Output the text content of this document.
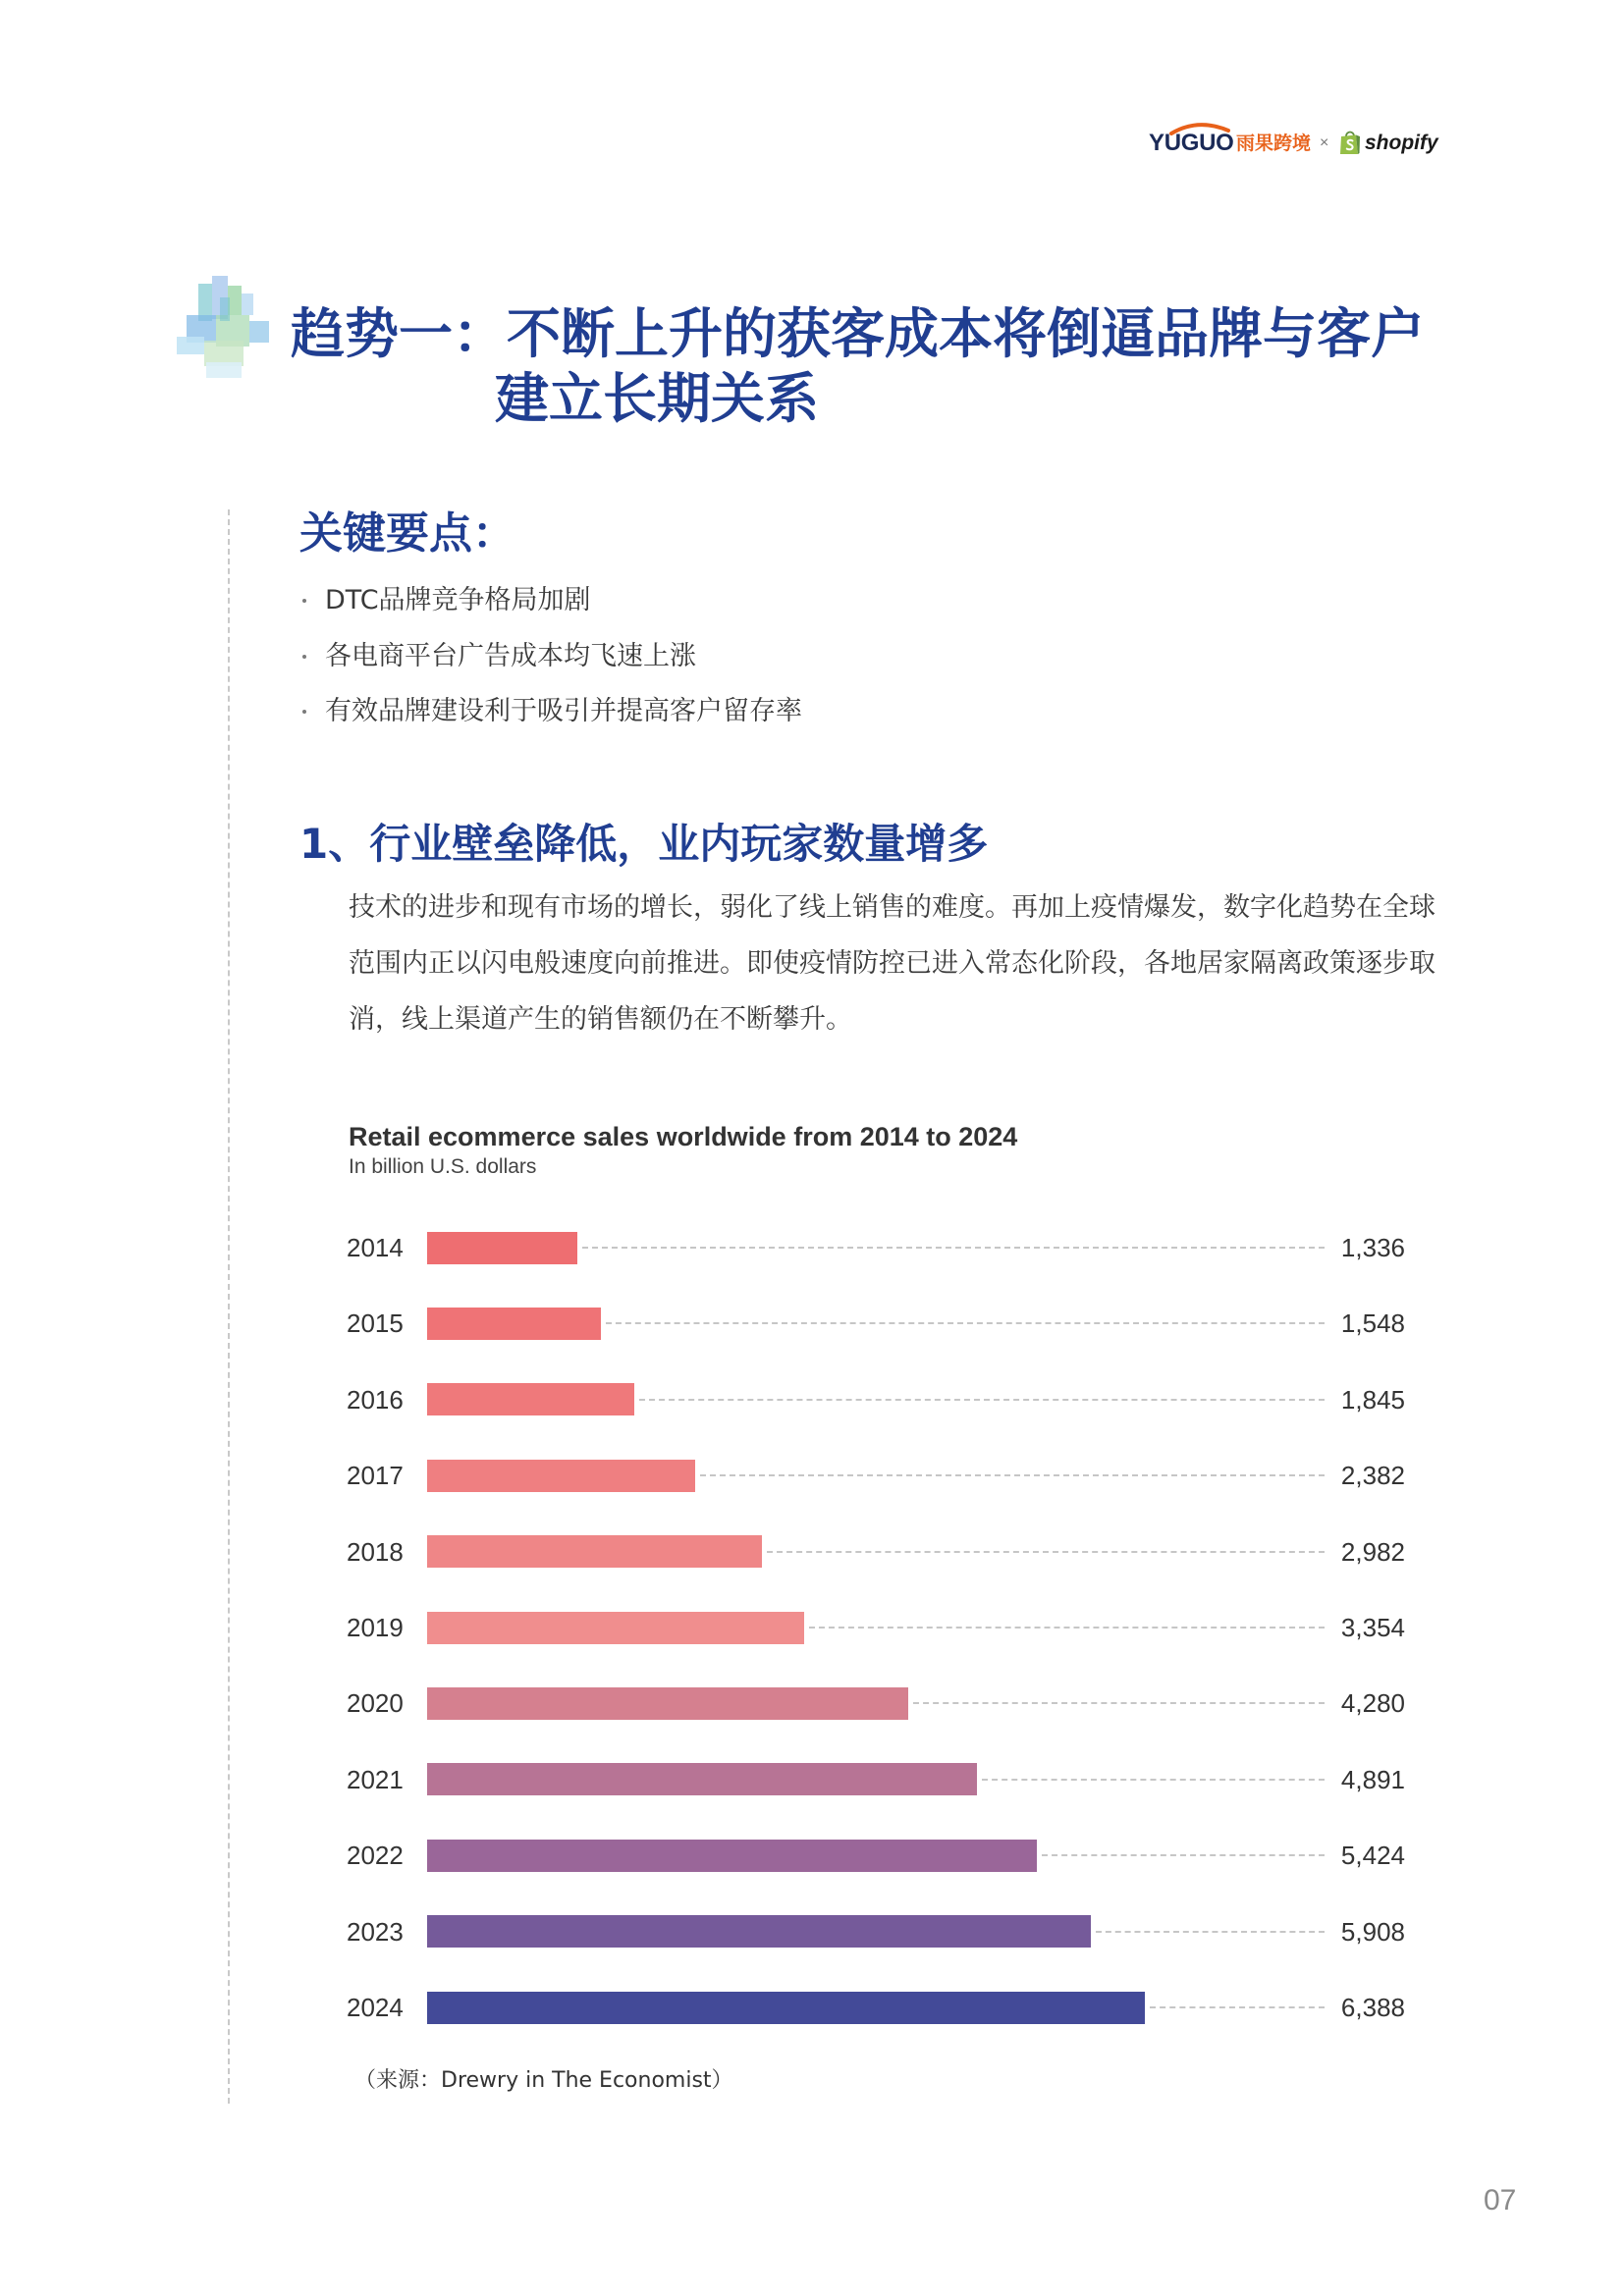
YUGUO 雨果跨境 × shopify
趋势一：不断上升的获客成本将倒逼品牌与客户
建立长期关系
关键要点：
DTC品牌竞争格局加剧
各电商平台广告成本均飞速上涨
有效品牌建设利于吸引并提高客户留存率
1、行业壁垒降低，业内玩家数量增多
技术的进步和现有市场的增长，弱化了线上销售的难度。再加上疫情爆发，数字化趋势在全球
范围内正以闪电般速度向前推进。即使疫情防控已进入常态化阶段，各地居家隔离政策逐步取
消，线上渠道产生的销售额仍在不断攀升。
Retail ecommerce sales worldwide from 2014 to 2024
In billion U.S. dollars
2014	1,336
2015	1,548
2016	1,845
2017	2,382
2018	2,982
2019	3,354
2020	4,280
2021	4,891
2022	5,424
2023	5,908
2024	6,388
（来源：Drewry in The Economist）
07
